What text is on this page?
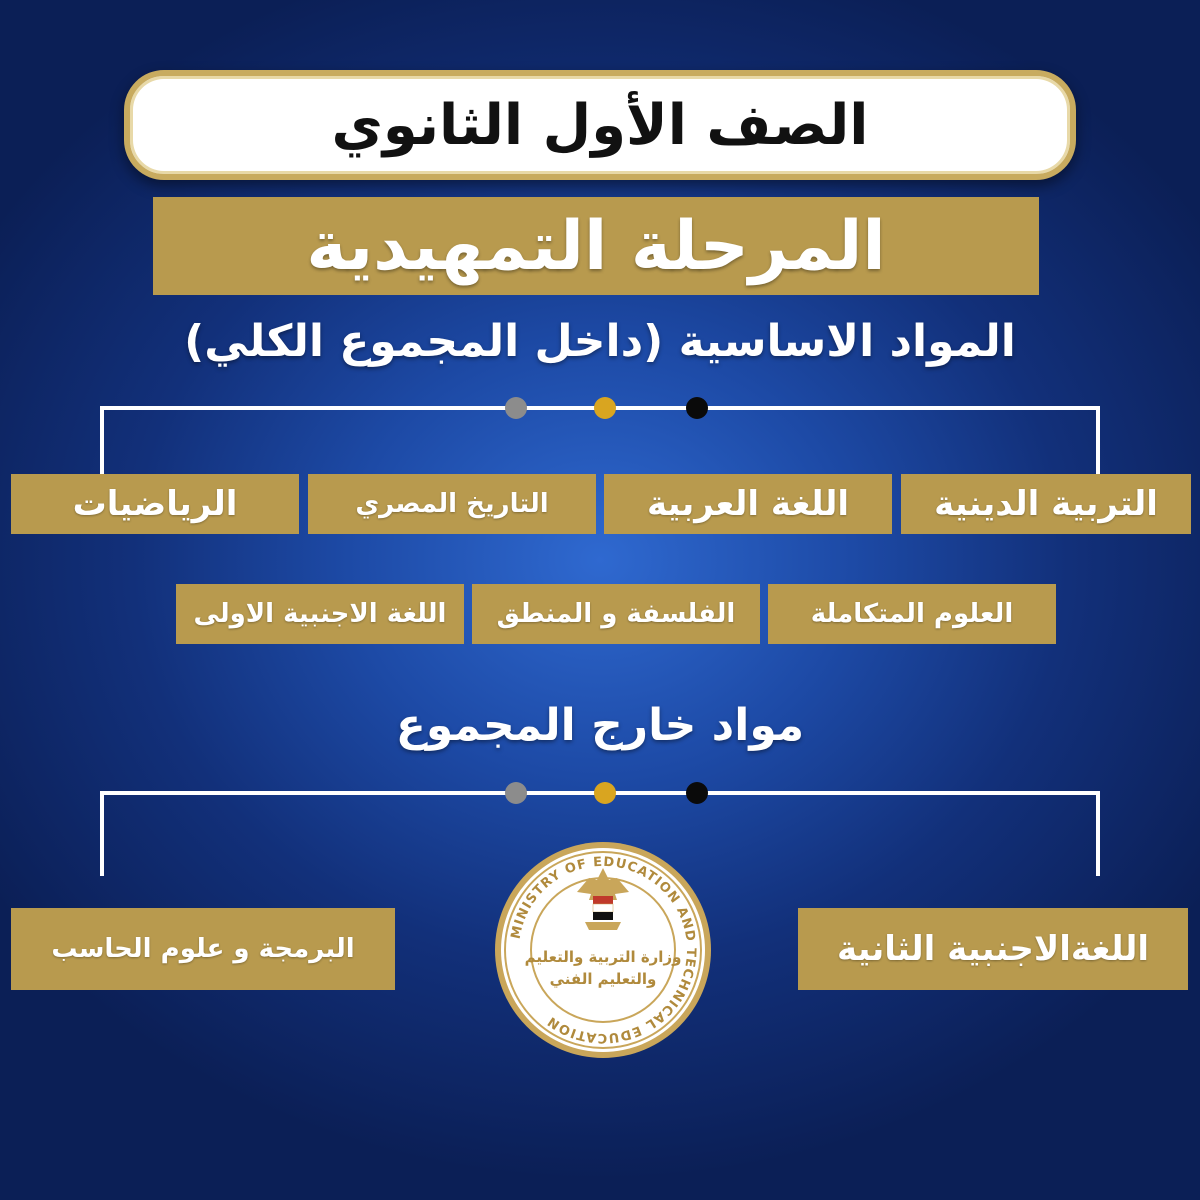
الصف الأول الثانوي
المرحلة التمهيدية
المواد الاساسية (داخل المجموع الكلي)
التربية الدينية
اللغة العربية
التاريخ المصري
الرياضيات
العلوم المتكاملة
الفلسفة و المنطق
اللغة الاجنبية الاولى
مواد خارج المجموع
اللغةالاجنبية الثانية
البرمجة و علوم الحاسب
MINISTRY OF EDUCATION AND TECHNICAL EDUCATION
وزارة التربية والتعليم
والتعليم الفني
